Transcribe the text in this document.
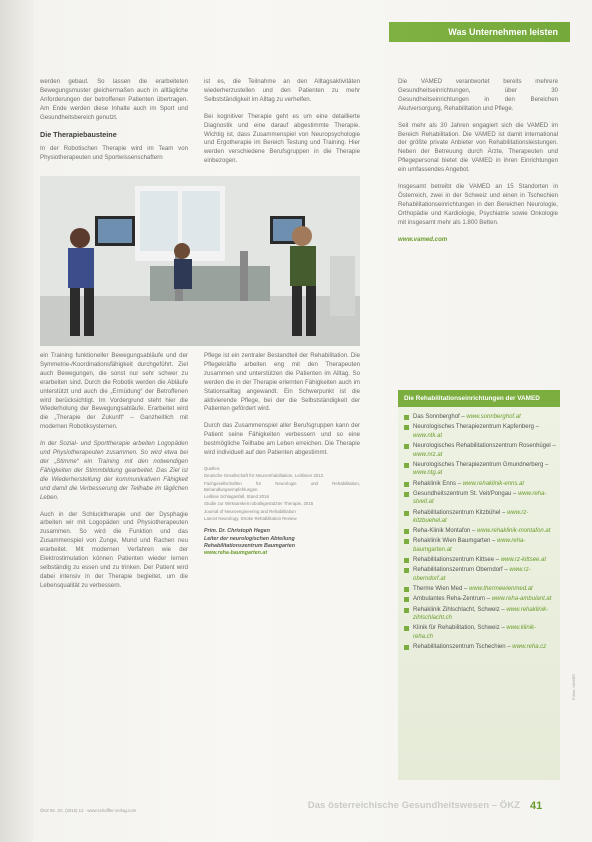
Was Unternehmen leisten

werden gebaut. So lassen die erarbeiteten Bewegungsmuster gleichermaßen auch in alltägliche Anforderungen der betroffenen Patienten übertragen. Am Ende werden diese Inhalte auch im Sport und Gesundheitsbereich genutzt.

Die Therapiebausteine

In der Robotischen Therapie wird im Team von Physiotherapeuten und Sportwissenschaftern

ist es, die Teilnahme an den Alltagsaktivitäten wiederherzustellen und den Patienten zu mehr Selbstständigkeit im Alltag zu verhelfen.

Bei kognitiver Therapie geht es um eine detaillierte Diagnostik und eine darauf abgestimmte Therapie. Wichtig ist, dass Zusammenspiel von Neuropsychologie und Ergotherapie im Bereich Testung und Training. Hier werden verschiedene Berufsgruppen in die Therapie einbezogen.

ein Training funktioneller Bewegungsabläufe und der Symmetrie-/Koordinationsfähigkeit durchgeführt. Ziel auch Bewegungen, die sonst nur sehr schwer zu erarbeiten sind. Durch die Robotik werden die Abläufe unterstützt und auch die „Ermüdung“ der Betroffenen wird berücksichtigt. Im Vordergrund steht hier die Wiederholung der Bewegungsabläufe. Erarbeitet wird die „Therapie der Zukunft“ – Ganzheitlich mit modernen Robotiksystemen.

In der Sozial- und Sporttherapie arbeiten Logopäden und Physiotherapeuten zusammen. So wird etwa bei der „Stimme“ ein Training mit den notwendigen Fähigkeiten der Stimmbildung gearbeitet. Das Ziel ist die Wiederherstellung der kommunikativen Fähigkeit und damit die Verbesserung der Teilhabe im täglichen Leben.

Auch in der Schlucktherapie und der Dysphagie arbeiten wir mit Logopäden und Physiotherapeuten zusammen. So wird die Funktion und das Zusammenspiel von Zunge, Mund und Rachen neu erarbeitet. Mit modernen Verfahren wie der Elektrostimulation können Patienten wieder lernen selbständig zu essen und zu trinken. Der Patient wird dabei intensiv in der Therapie begleitet, um die Lebensqualität zu verbessern.

Pflege ist ein zentraler Bestandteil der Rehabilitation. Die Pflegekräfte arbeiten eng mit den Therapeuten zusammen und unterstützen die Patienten im Alltag. So werden die in der Therapie erlernten Fähigkeiten auch im Stationsalltag angewandt. Ein Schwerpunkt ist die aktivierende Pflege, bei der die Selbstständigkeit der Patienten gefördert wird.

Durch das Zusammenspiel aller Berufsgruppen kann der Patient seine Fähigkeiten verbessern und so eine bestmögliche Teilhabe am Leben erreichen. Die Therapie wird individuell auf den Patienten abgestimmt.

Quellen:

Deutsche Gesellschaft für Neurorehabilitation, Leitlinien 2013

Fachgesellschaften für Neurologie und Rehabilitation, Behandlungsempfehlungen

Leitlinie Schlaganfall, Stand 2016

Studie zur Wirksamkeit robotikgestützter Therapie, 2015

Journal of Neuroengineering and Rehabilitation

Lancet Neurology, Stroke Rehabilitation Review

Prim. Dr. Christoph Hegen
Leiter der neurologischen Abteilung
Rehabilitationszentrum Baumgarten
www.reha-baumgarten.at

Die VAMED verantwortet bereits mehrere Gesundheitseinrichtungen, über 30 Gesundheitseinrichtungen in den Bereichen Akutversorgung, Rehabilitation und Pflege.

Seit mehr als 30 Jahren engagiert sich die VAMED im Bereich Rehabilitation. Die VAMED ist damit international der größte private Anbieter von Rehabilitationsleistungen. Neben der Betreuung durch Ärzte, Therapeuten und Pflegepersonal bietet die VAMED in ihren Einrichtungen ein umfassendes Angebot.

Insgesamt betreibt die VAMED an 15 Standorten in Österreich, zwei in der Schweiz und einen in Tschechien Rehabilitationseinrichtungen in den Bereichen Neurologie, Orthopädie und Kardiologie, Psychiatrie sowie Onkologie mit insgesamt mehr als 1.800 Betten.

www.vamed.com

Die Rehabilitationseinrichtungen der VAMED
Das Sonnberghof – www.sonnberghof.at
Neurologisches Therapiezentrum Kapfenberg – www.ntk.at
Neurologisches Rehabilitationszentrum Rosenhügel – www.nrz.at
Neurologisches Therapiezentrum Gmundnerberg – www.ntg.at
Rehaklinik Enns – www.rehaklinik-enns.at
Gesundheitszentrum St. Veit/Pongau – www.reha-stveit.at
Rehabilitationszentrum Kitzbühel – www.rz-kitzbuehel.at
Reha-Klinik Montafon – www.rehaklinik-montafon.at
Rehaklinik Wien Baumgarten – www.reha-baumgarten.at
Rehabilitationszentrum Kittsee – www.rz-kittsee.at
Rehabilitationszentrum Oberndorf – www.rz-oberndorf.at
Therme Wien Med – www.thermewienmed.at
Ambulantes Reha-Zentrum – www.reha-ambulant.at
Rehaklinik Zihlschlacht, Schweiz – www.rehaklinik-zihlschlacht.ch
Klinik für Rehabilitation, Schweiz – www.klinik-reha.ch
Rehabilitationszentrum Tschechien – www.reha.cz
Fotos: VAMED
ÖKZ 56. JG. (2015) 12 · www.schaffler-verlag.com	Das österreichische Gesundheitswesen – ÖKZ 41
